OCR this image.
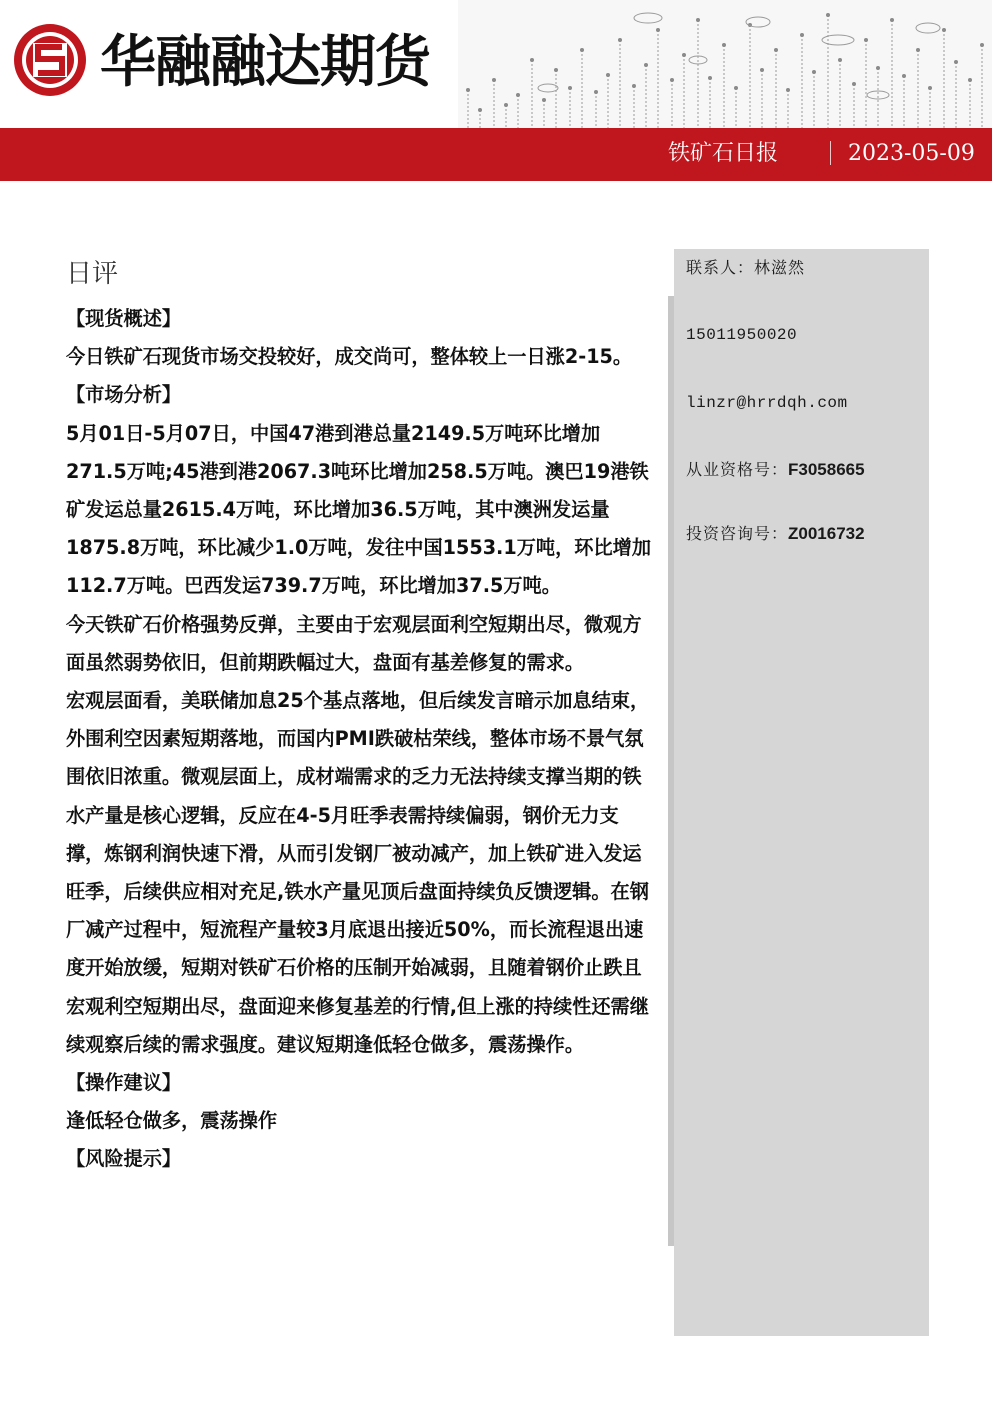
华融融达期货
铁矿石日报	2023-05-09
联系人：林滋然
15011950020
linzr@hrrdqh.com
从业资格号：F3058665
投资咨询号：Z0016732
日评

【现货概述】

今日铁矿石现货市场交投较好，成交尚可，整体较上一日涨2-15。

【市场分析】

5月01日-5月07日，中国47港到港总量2149.5万吨环比增加271.5万吨;45港到港2067.3吨环比增加258.5万吨。澳巴19港铁矿发运总量2615.4万吨，环比增加36.5万吨，其中澳洲发运量1875.8万吨，环比减少1.0万吨，发往中国1553.1万吨，环比增加112.7万吨。巴西发运739.7万吨，环比增加37.5万吨。

今天铁矿石价格强势反弹，主要由于宏观层面利空短期出尽，微观方面虽然弱势依旧，但前期跌幅过大，盘面有基差修复的需求。

宏观层面看，美联储加息25个基点落地，但后续发言暗示加息结束，外围利空因素短期落地，而国内PMI跌破枯荣线，整体市场不景气氛围依旧浓重。微观层面上，成材端需求的乏力无法持续支撑当期的铁水产量是核心逻辑，反应在4-5月旺季表需持续偏弱，钢价无力支撑，炼钢利润快速下滑，从而引发钢厂被动减产，加上铁矿进入发运旺季，后续供应相对充足,铁水产量见顶后盘面持续负反馈逻辑。在钢厂减产过程中，短流程产量较3月底退出接近50%，而长流程退出速度开始放缓，短期对铁矿石价格的压制开始减弱，且随着钢价止跌且宏观利空短期出尽，盘面迎来修复基差的行情,但上涨的持续性还需继续观察后续的需求强度。建议短期逢低轻仓做多，震荡操作。

【操作建议】

逢低轻仓做多，震荡操作

【风险提示】
